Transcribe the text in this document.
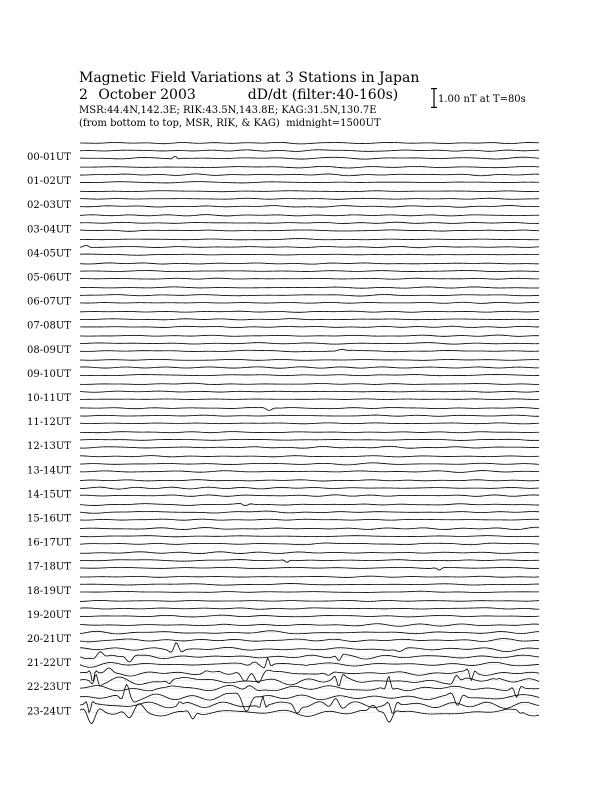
Magnetic Field Variations at 3 Stations in Japan
2 October 2003	dD/dt (filter:40-160s)
MSR:44.4N,142.3E; RIK:43.5N,143.8E; KAG:31.5N,130.7E
(from bottom to top, MSR, RIK, & KAG) midnight=1500UT
1.00 nT at T=80s
00-01UT
01-02UT
02-03UT
03-04UT
04-05UT
05-06UT
06-07UT
07-08UT
08-09UT
09-10UT
10-11UT
11-12UT
12-13UT
13-14UT
14-15UT
15-16UT
16-17UT
17-18UT
18-19UT
19-20UT
20-21UT
21-22UT
22-23UT
23-24UT
